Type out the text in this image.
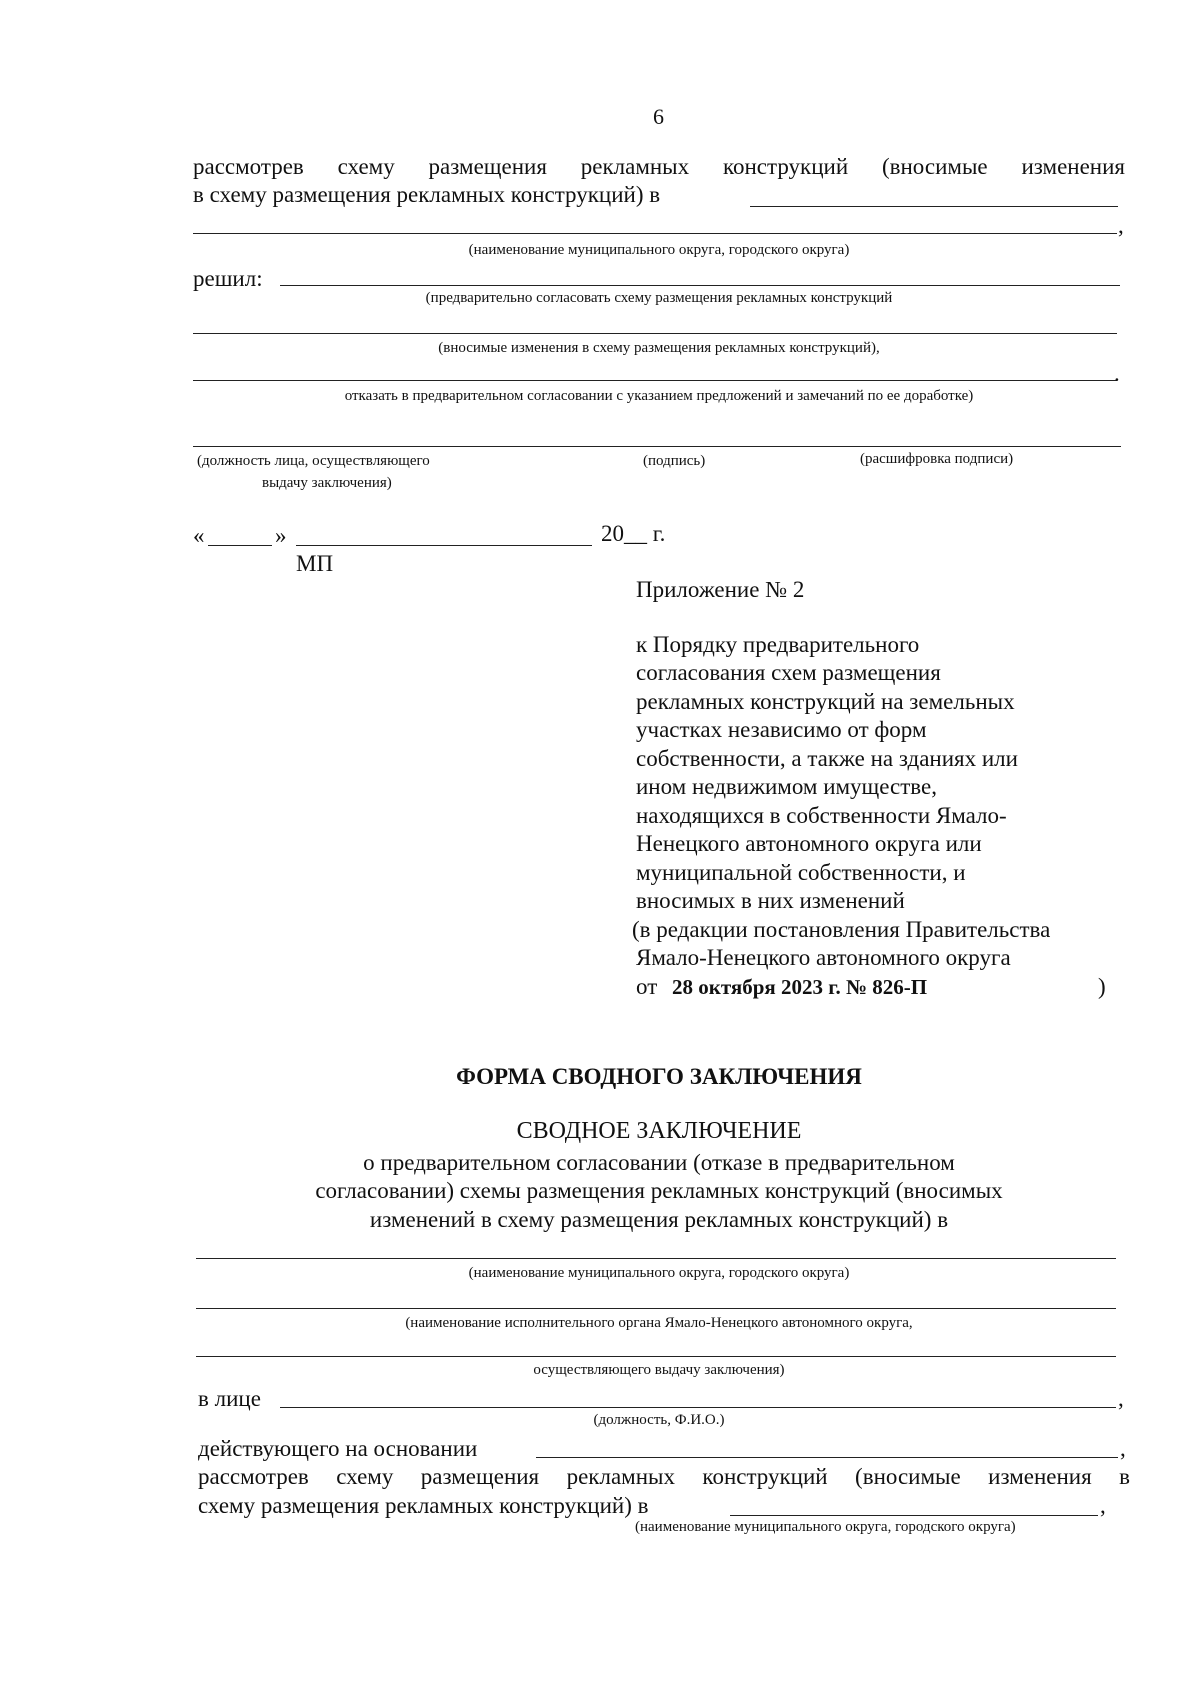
6
рассмотрев схему размещения рекламных конструкций (вносимые изменения
в схему размещения рекламных конструкций) в
,
(наименование муниципального округа, городского округа)
решил:
(предварительно согласовать схему размещения рекламных конструкций
(вносимые изменения в схему размещения рекламных конструкций),
.
отказать в предварительном согласовании с указанием предложений и замечаний по ее доработке)
(должность лица, осуществляющего
выдачу заключения)
(подпись)	(расшифровка подписи)
«	»	20__ г.
МП
Приложение № 2
к Порядку предварительного
согласования схем размещения
рекламных конструкций на земельных
участках независимо от форм
собственности, а также на зданиях или
ином недвижимом имуществе,
находящихся в собственности Ямало-
Ненецкого автономного округа или
муниципальной собственности, и
вносимых в них изменений
(в редакции постановления Правительства
Ямало-Ненецкого автономного округа
от 28 октября 2023 г. № 826-П	)
ФОРМА СВОДНОГО ЗАКЛЮЧЕНИЯ
СВОДНОЕ ЗАКЛЮЧЕНИЕ
о предварительном согласовании (отказе в предварительном
согласовании) схемы размещения рекламных конструкций (вносимых
изменений в схему размещения рекламных конструкций) в
(наименование муниципального округа, городского округа)
(наименование исполнительного органа Ямало-Ненецкого автономного округа,
осуществляющего выдачу заключения)
в лице	,
(должность, Ф.И.О.)
действующего на основании	,
рассмотрев схему размещения рекламных конструкций (вносимые изменения в
схему размещения рекламных конструкций) в	,
(наименование муниципального округа, городского округа)
